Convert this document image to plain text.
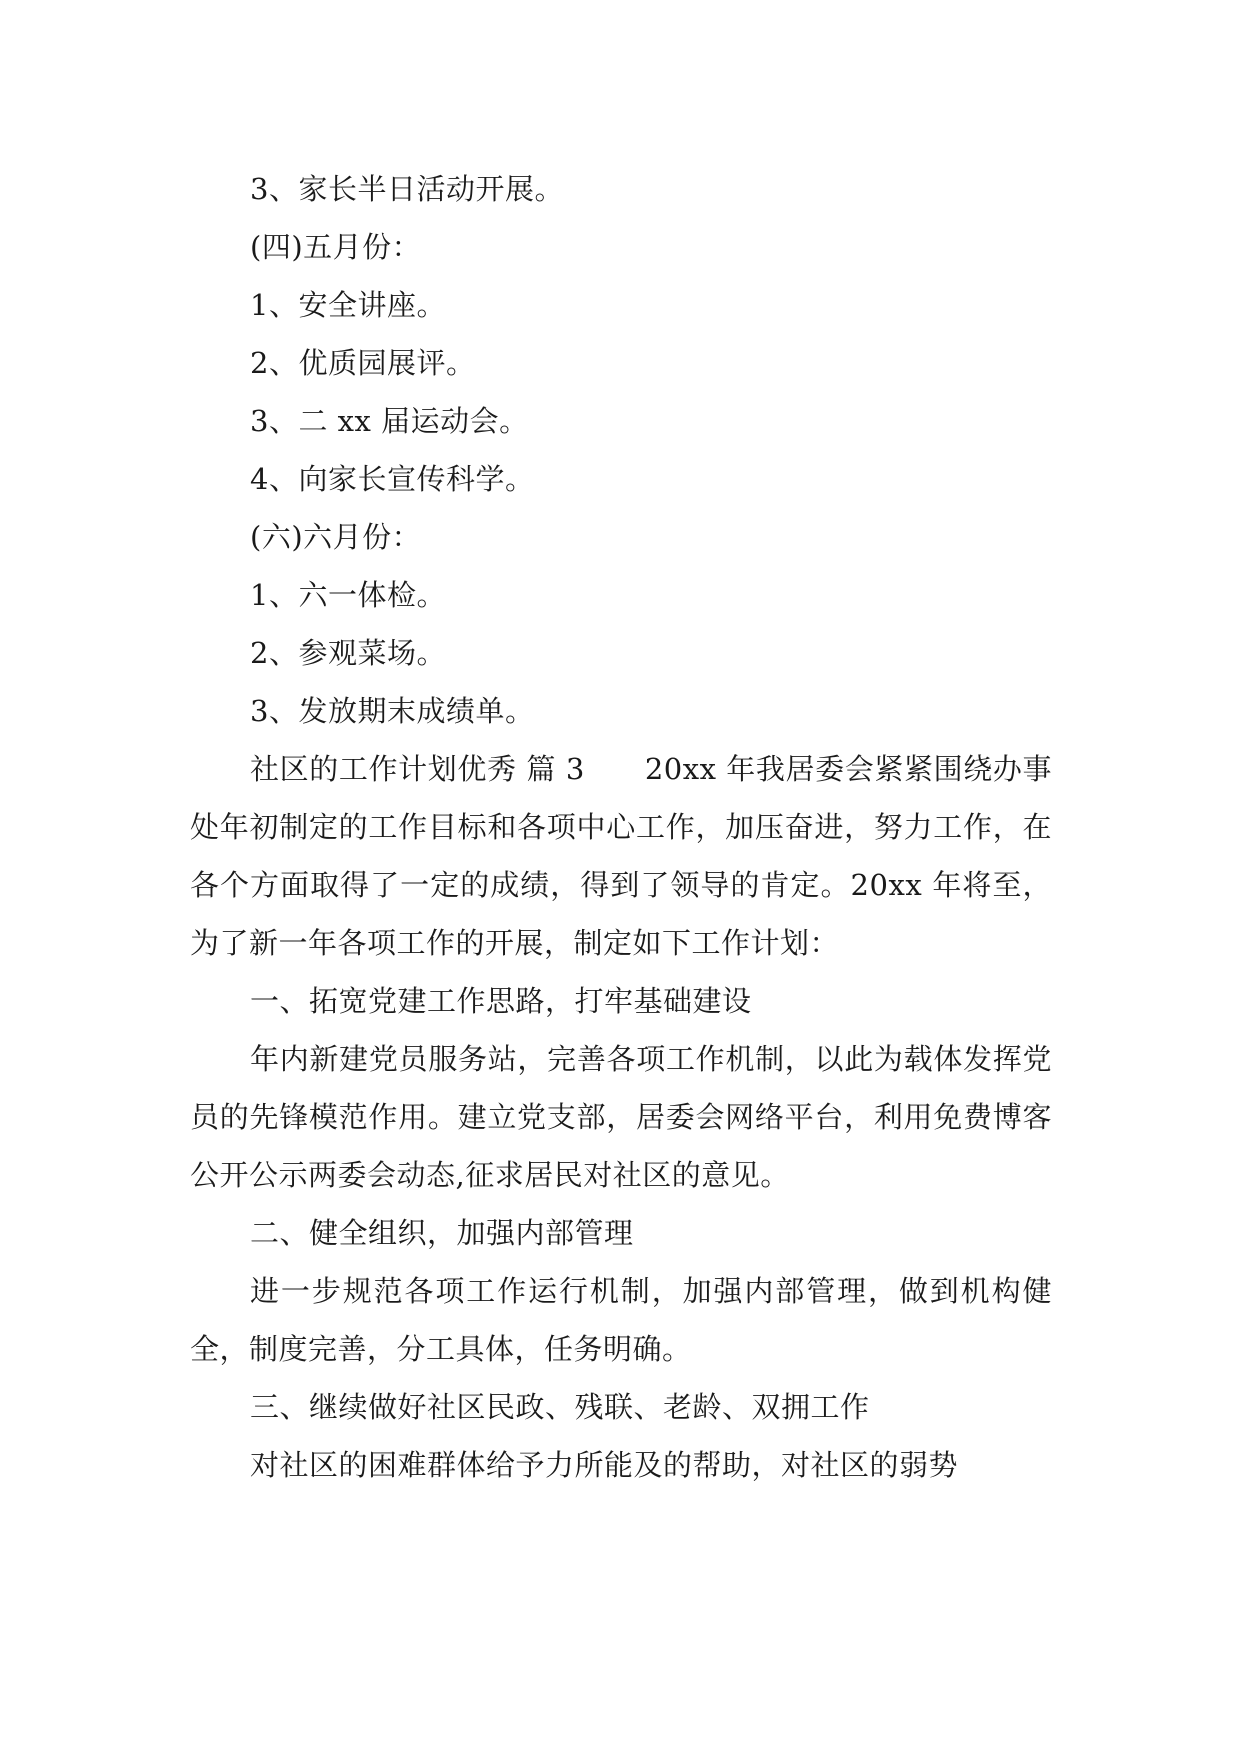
3、家长半日活动开展。
(四)五月份：
1、安全讲座。
2、优质园展评。
3、二 xx 届运动会。
4、向家长宣传科学。
(六)六月份：
1、六一体检。
2、参观菜场。
3、发放期末成绩单。

社区的工作计划优秀 篇 3 20xx 年我居委会紧紧围绕办事处年初制定的工作目标和各项中心工作，加压奋进，努力工作，在各个方面取得了一定的成绩，得到了领导的肯定。20xx 年将至，为了新一年各项工作的开展，制定如下工作计划：

一、拓宽党建工作思路，打牢基础建设

年内新建党员服务站，完善各项工作机制，以此为载体发挥党员的先锋模范作用。建立党支部，居委会网络平台，利用免费博客公开公示两委会动态,征求居民对社区的意见。

二、健全组织，加强内部管理

进一步规范各项工作运行机制，加强内部管理，做到机构健全，制度完善，分工具体，任务明确。

三、继续做好社区民政、残联、老龄、双拥工作

对社区的困难群体给予力所能及的帮助，对社区的弱势
